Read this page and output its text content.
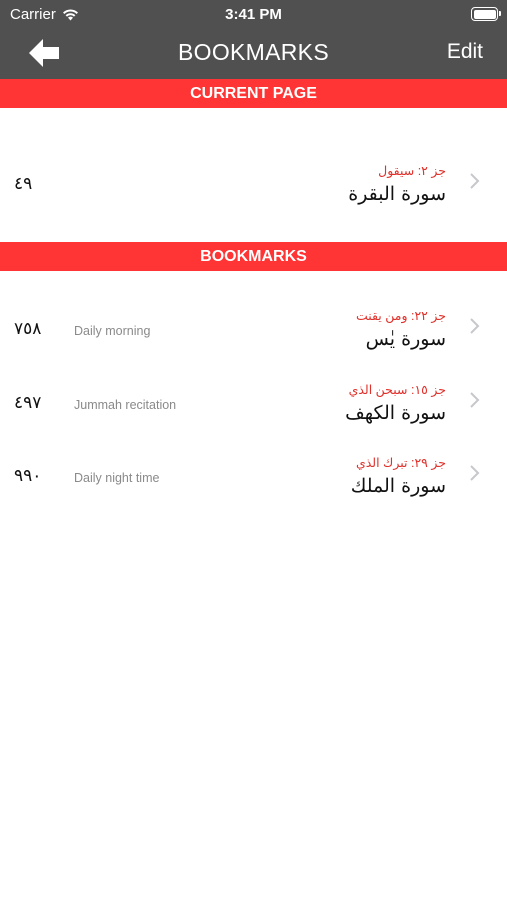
Carrier	3:41 PM
BOOKMARKS	Edit
CURRENT PAGE
٤٩
جز ٢: سيقول
سورة البقرة
BOOKMARKS
٧٥٨	Daily morning
جز ٢٢: ومن يقنت
سورة يٰس
٤٩٧	Jummah recitation
جز ١٥: سبحن الذي
سورة الكهف
٩٩٠	Daily night time
جز ٢٩: تبرك الذي
سورة الملك
